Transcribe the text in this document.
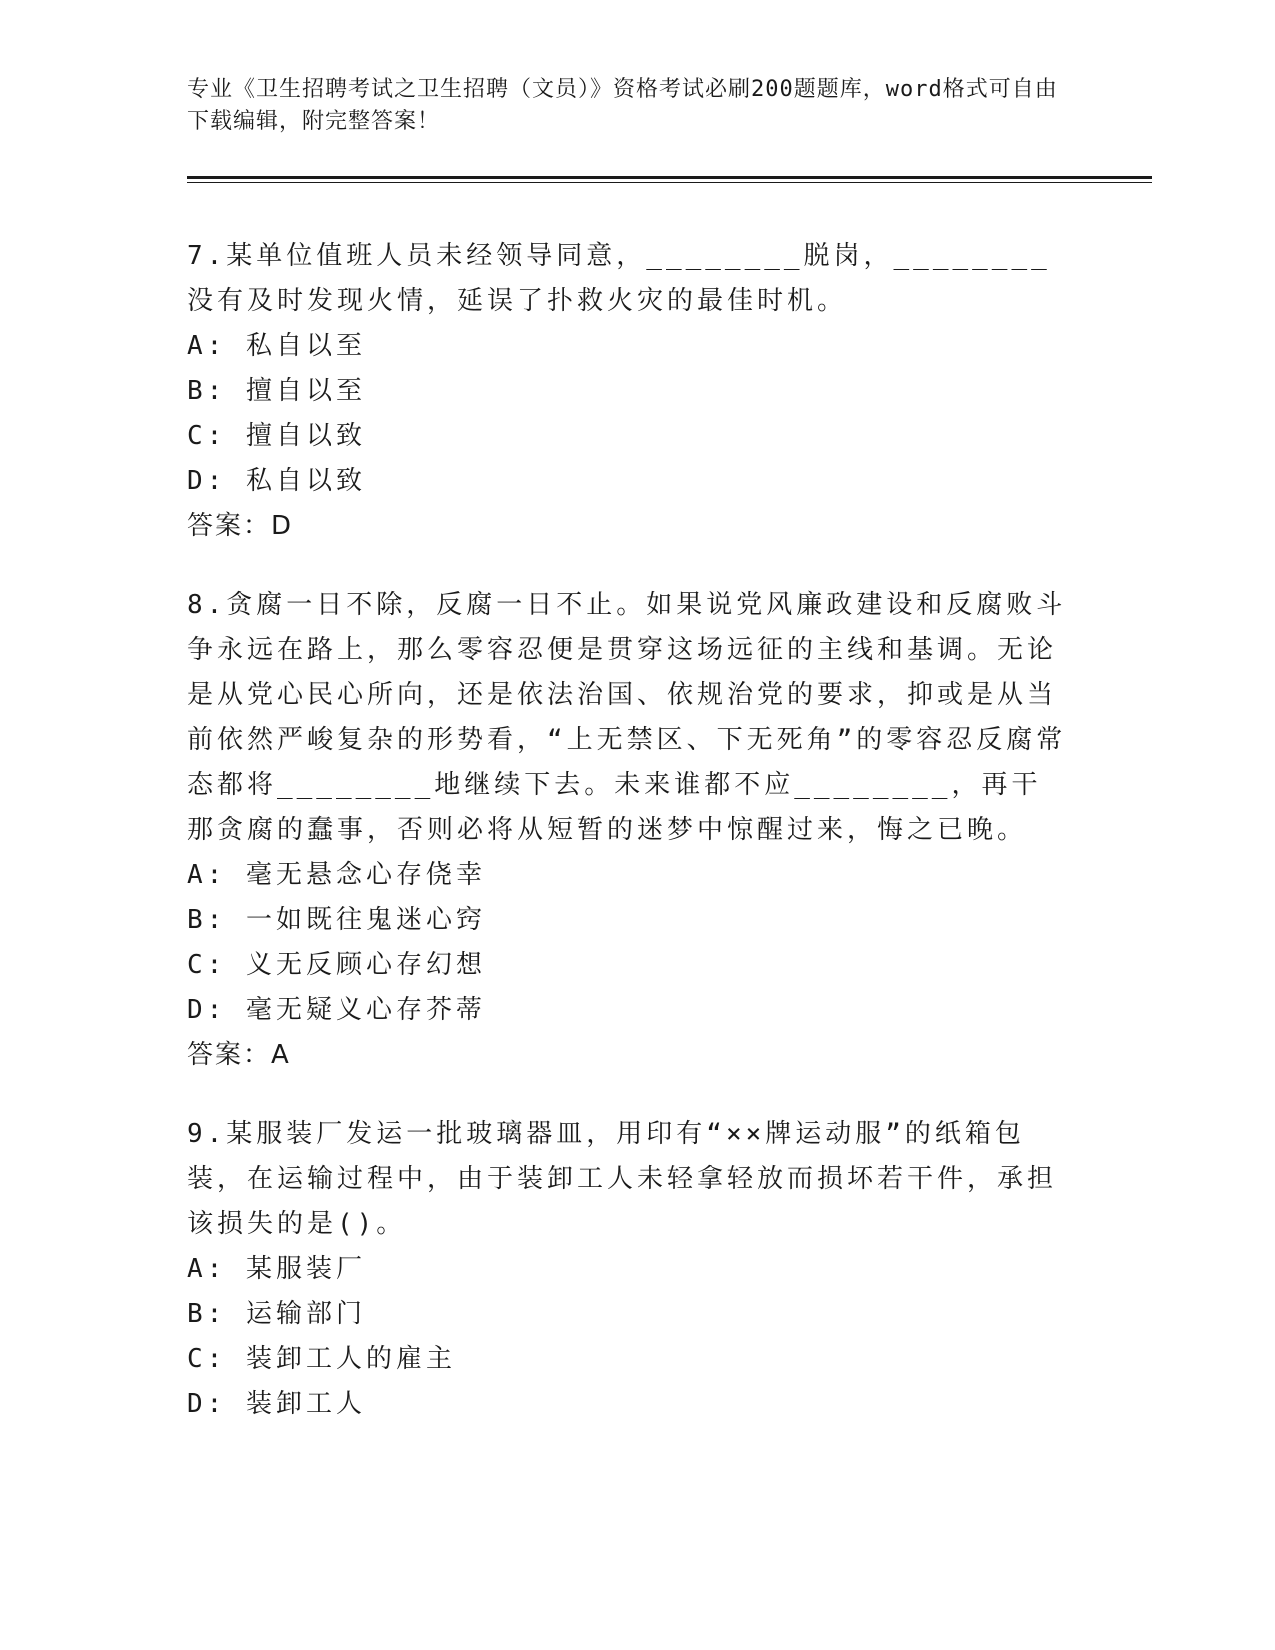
专业《卫生招聘考试之卫生招聘（文员）》资格考试必刷200题题库，word格式可自由下载编辑，附完整答案！

7.某单位值班人员未经领导同意，________脱岗，________没有及时发现火情，延误了扑救火灾的最佳时机。

A: 私自以至

B: 擅自以至

C: 擅自以致

D: 私自以致

答案：D

8.贪腐一日不除，反腐一日不止。如果说党风廉政建设和反腐败斗争永远在路上，那么零容忍便是贯穿这场远征的主线和基调。无论是从党心民心所向，还是依法治国、依规治党的要求，抑或是从当前依然严峻复杂的形势看，“上无禁区、下无死角”的零容忍反腐常态都将________地继续下去。未来谁都不应________，再干那贪腐的蠢事，否则必将从短暂的迷梦中惊醒过来，悔之已晚。

A: 毫无悬念心存侥幸

B: 一如既往鬼迷心窍

C: 义无反顾心存幻想

D: 毫无疑义心存芥蒂

答案：A

9.某服装厂发运一批玻璃器皿，用印有“××牌运动服”的纸箱包装，在运输过程中，由于装卸工人未轻拿轻放而损坏若干件，承担该损失的是()。

A: 某服装厂

B: 运输部门

C: 装卸工人的雇主

D: 装卸工人
